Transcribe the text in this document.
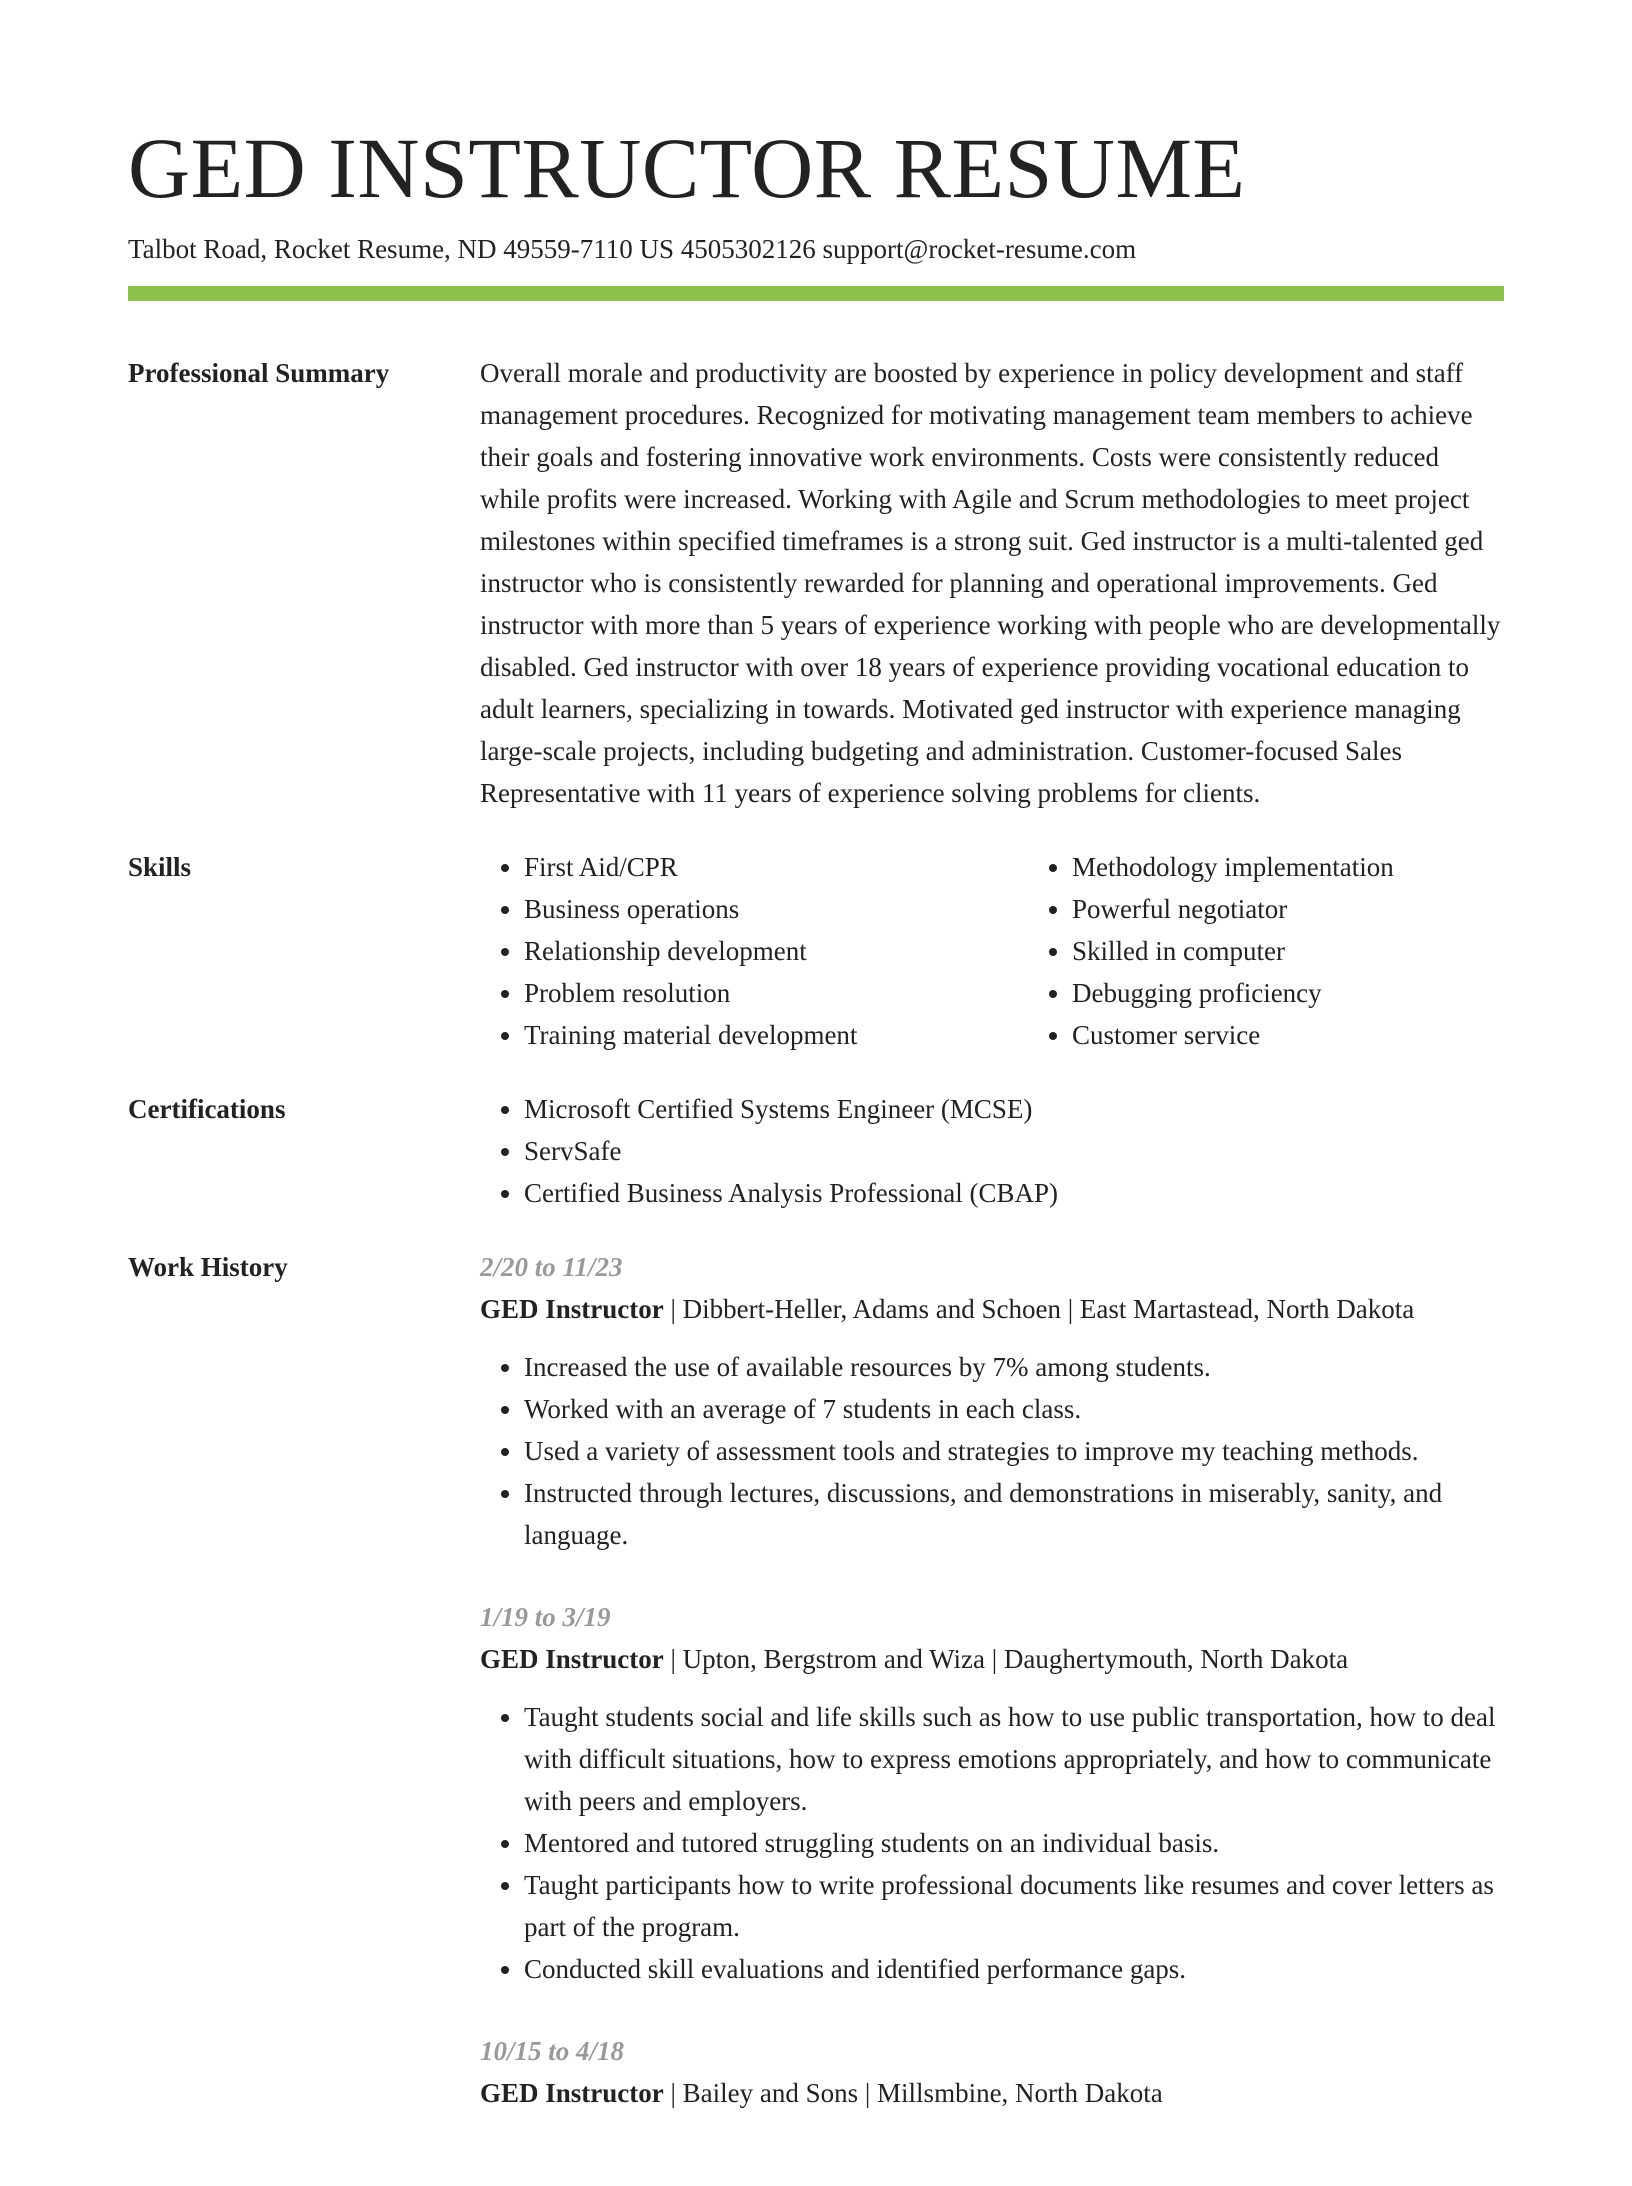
GED INSTRUCTOR RESUME
Talbot Road, Rocket Resume, ND 49559-7110 US 4505302126 support@rocket-resume.com
Professional Summary	Overall morale and productivity are boosted by experience in policy development and staff management procedures. Recognized for motivating management team members to achieve their goals and fostering innovative work environments. Costs were consistently reduced while profits were increased. Working with Agile and Scrum methodologies to meet project milestones within specified timeframes is a strong suit. Ged instructor is a multi-talented ged instructor who is consistently rewarded for planning and operational improvements. Ged instructor with more than 5 years of experience working with people who are developmentally disabled. Ged instructor with over 18 years of experience providing vocational education to adult learners, specializing in towards. Motivated ged instructor with experience managing large-scale projects, including budgeting and administration. Customer-focused Sales Representative with 11 years of experience solving problems for clients.

Skills	• First Aid/CPR
• Business operations
• Relationship development
• Problem resolution
• Training material development
• Methodology implementation
• Powerful negotiator
• Skilled in computer
• Debugging proficiency
• Customer service
Certifications	• Microsoft Certified Systems Engineer (MCSE)
• ServSafe
• Certified Business Analysis Professional (CBAP)
Work History	2/20 to 11/23

GED Instructor | Dibbert-Heller, Adams and Schoen | East Martastead, North Dakota

• Increased the use of available resources by 7% among students.
• Worked with an average of 7 students in each class.
• Used a variety of assessment tools and strategies to improve my teaching methods.
• Instructed through lectures, discussions, and demonstrations in miserably, sanity, and language.

1/19 to 3/19

GED Instructor | Upton, Bergstrom and Wiza | Daughertymouth, North Dakota

• Taught students social and life skills such as how to use public transportation, how to deal with difficult situations, how to express emotions appropriately, and how to communicate with peers and employers.
• Mentored and tutored struggling students on an individual basis.
• Taught participants how to write professional documents like resumes and cover letters as part of the program.
• Conducted skill evaluations and identified performance gaps.

10/15 to 4/18

GED Instructor | Bailey and Sons | Millsmbine, North Dakota
